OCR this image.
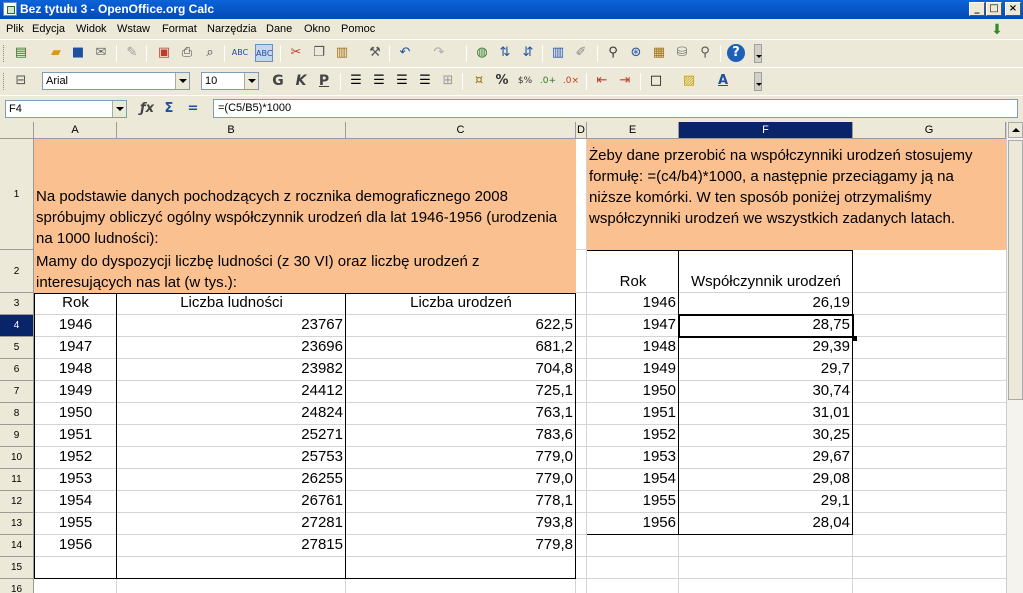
Bez tytułu 3 - OpenOffice.org Calc	_ □	×
Plik Edycja Widok Wstaw Format Narzędzia Dane Okno Pomoc	⬇
▤	▰ ■ ✉ ✎ ▣ ⎙	⌕	ABC ABC ✂ ❐ ▥ ⚒ ↶ ↷ ◍ ⇅ ⇵ ▥ ✐	⚲ ⊛ ▦ ⛁ ⚲	?
⊟	Arial	10	G K P ☰ ☰ ☰ ☰ ⊞	¤ % $% .0+ .0× ⇤ ⇥ □ ▨	A
F4	ƒx Σ	=	=(C5/B5)*1000
A	B	C	D	E	F	G
1
2
3
4
5
6
7
8
9
10
11
12
13
14
15
16
Na podstawie danych pochodzących z rocznika demograficznego 2008 spróbujmy obliczyć ogólny współczynnik urodzeń dla lat 1946-1956 (urodzenia na 1000 ludności):
Mamy do dyspozycji liczbę ludności (z 30 VI) oraz liczbę urodzeń z interesujących nas lat (w tys.):
Żeby dane przerobić na współczynniki urodzeń stosujemy formułę: =(c4/b4)*1000, a następnie przeciągamy ją na niższe komórki. W ten sposób poniżej otrzymaliśmy współczynniki urodzeń we wszystkich zadanych latach.
Rok	Liczba ludności	Liczba urodzeń
Rok	Współczynnik urodzeń
1946	23767	622,5
1947	23696	681,2
1948	23982	704,8
1949	24412	725,1
1950	24824	763,1
1951	25271	783,6
1952	25753	779,0
1953	26255	779,0
1954	26761	778,1
1955	27281	793,8
1956	27815	779,8
1946	26,19
1947	28,75
1948	29,39
1949	29,7
1950	30,74
1951	31,01
1952	30,25
1953	29,67
1954	29,08
1955	29,1
1956	28,04
